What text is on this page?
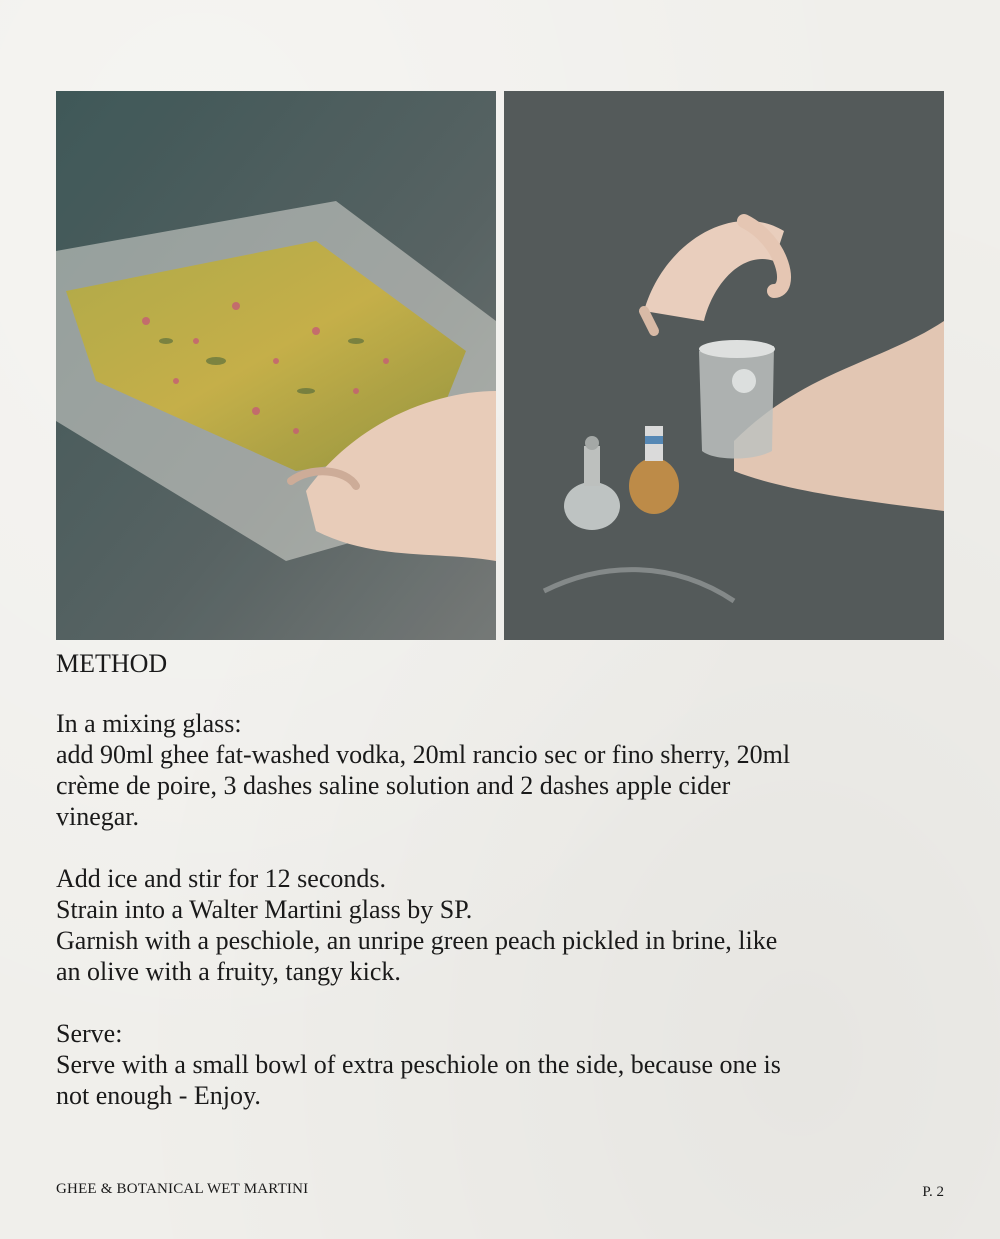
METHOD
In a mixing glass:
add 90ml ghee fat-washed vodka, 20ml rancio sec or fino sherry, 20ml
crème de poire, 3 dashes saline solution and 2 dashes apple cider
vinegar.
Add ice and stir for 12 seconds.
Strain into a Walter Martini glass by SP.
Garnish with a peschiole, an unripe green peach pickled in brine, like
an olive with a fruity, tangy kick.
Serve:
Serve with a small bowl of extra peschiole on the side, because one is
not enough - Enjoy.
GHEE & BOTANICAL WET MARTINI	P. 2
